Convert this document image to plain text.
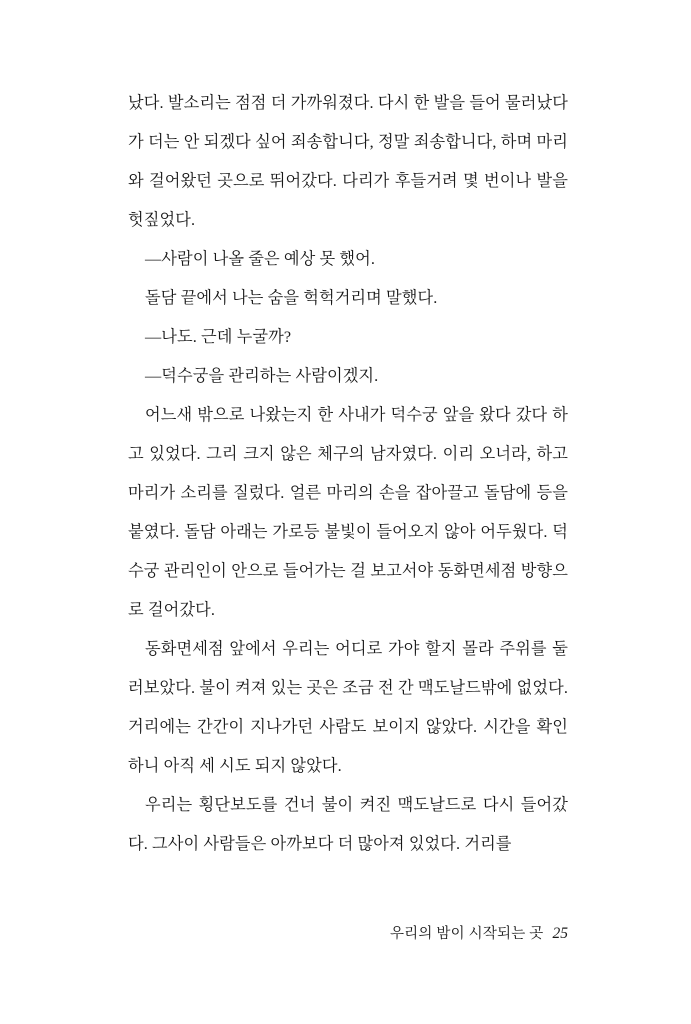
났다. 발소리는 점점 더 가까워졌다. 다시 한 발을 들어 물러났다가 더는 안 되겠다 싶어 죄송합니다, 정말 죄송합니다, 하며 마리와 걸어왔던 곳으로 뛰어갔다. 다리가 후들거려 몇 번이나 발을 헛짚었다.

―사람이 나올 줄은 예상 못 했어.

돌담 끝에서 나는 숨을 헉헉거리며 말했다.

―나도. 근데 누굴까?

―덕수궁을 관리하는 사람이겠지.

어느새 밖으로 나왔는지 한 사내가 덕수궁 앞을 왔다 갔다 하고 있었다. 그리 크지 않은 체구의 남자였다. 이리 오너라, 하고 마리가 소리를 질렀다. 얼른 마리의 손을 잡아끌고 돌담에 등을 붙였다. 돌담 아래는 가로등 불빛이 들어오지 않아 어두웠다. 덕수궁 관리인이 안으로 들어가는 걸 보고서야 동화면세점 방향으로 걸어갔다.

동화면세점 앞에서 우리는 어디로 가야 할지 몰라 주위를 둘러보았다. 불이 켜져 있는 곳은 조금 전 간 맥도날드밖에 없었다. 거리에는 간간이 지나가던 사람도 보이지 않았다. 시간을 확인하니 아직 세 시도 되지 않았다.

우리는 횡단보도를 건너 불이 켜진 맥도날드로 다시 들어갔다. 그사이 사람들은 아까보다 더 많아져 있었다. 거리를

우리의 밤이 시작되는 곳 25
